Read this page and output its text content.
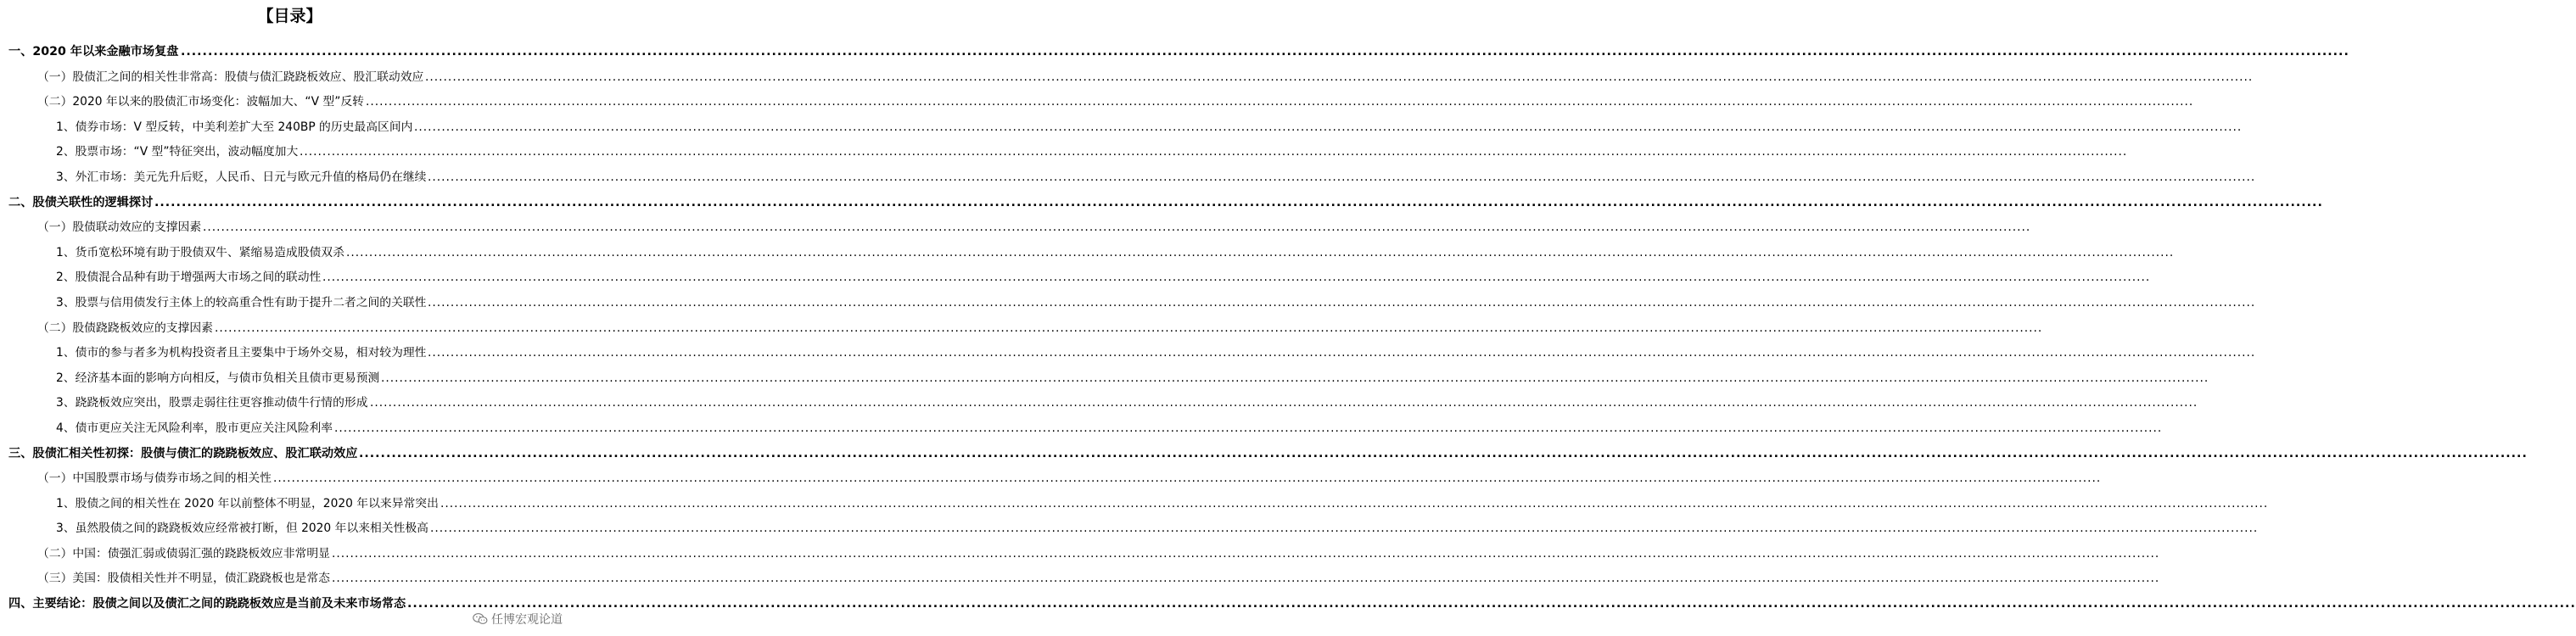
【目录】
................................................................................................................................................................................................................................................................................................................................................................................................................
一、2020 年以来金融市场复盘
................................................................................................................................................................................................................................................................................................................................................................................................................
（一）股债汇之间的相关性非常高：股债与债汇跷跷板效应、股汇联动效应
................................................................................................................................................................................................................................................................................................................................................................................................................
（二）2020 年以来的股债汇市场变化：波幅加大、“V 型”反转
................................................................................................................................................................................................................................................................................................................................................................................................................
1、债券市场：V 型反转，中美利差扩大至 240BP 的历史最高区间内
................................................................................................................................................................................................................................................................................................................................................................................................................
2、股票市场：“V 型”特征突出，波动幅度加大
................................................................................................................................................................................................................................................................................................................................................................................................................
3、外汇市场：美元先升后贬，人民币、日元与欧元升值的格局仍在继续
................................................................................................................................................................................................................................................................................................................................................................................................................
二、股债关联性的逻辑探讨
................................................................................................................................................................................................................................................................................................................................................................................................................
（一）股债联动效应的支撑因素
................................................................................................................................................................................................................................................................................................................................................................................................................
1、货币宽松环境有助于股债双牛、紧缩易造成股债双杀
................................................................................................................................................................................................................................................................................................................................................................................................................
2、股债混合品种有助于增强两大市场之间的联动性
................................................................................................................................................................................................................................................................................................................................................................................................................
3、股票与信用债发行主体上的较高重合性有助于提升二者之间的关联性
................................................................................................................................................................................................................................................................................................................................................................................................................
（二）股债跷跷板效应的支撑因素
................................................................................................................................................................................................................................................................................................................................................................................................................
1、债市的参与者多为机构投资者且主要集中于场外交易，相对较为理性
................................................................................................................................................................................................................................................................................................................................................................................................................
2、经济基本面的影响方向相反，与债市负相关且债市更易预测
................................................................................................................................................................................................................................................................................................................................................................................................................
3、跷跷板效应突出，股票走弱往往更容推动债牛行情的形成
................................................................................................................................................................................................................................................................................................................................................................................................................
4、债市更应关注无风险利率，股市更应关注风险利率
................................................................................................................................................................................................................................................................................................................................................................................................................
三、股债汇相关性初探：股债与债汇的跷跷板效应、股汇联动效应
................................................................................................................................................................................................................................................................................................................................................................................................................
（一）中国股票市场与债券市场之间的相关性
................................................................................................................................................................................................................................................................................................................................................................................................................
1、股债之间的相关性在 2020 年以前整体不明显，2020 年以来异常突出
................................................................................................................................................................................................................................................................................................................................................................................................................
3、虽然股债之间的跷跷板效应经常被打断，但 2020 年以来相关性极高
................................................................................................................................................................................................................................................................................................................................................................................................................
（二）中国：债强汇弱或债弱汇强的跷跷板效应非常明显
................................................................................................................................................................................................................................................................................................................................................................................................................
（三）美国：股债相关性并不明显，债汇跷跷板也是常态
................................................................................................................................................................................................................................................................................................................................................................................................................
四、主要结论：股债之间以及债汇之间的跷跷板效应是当前及未来市场常态
任博宏观论道
